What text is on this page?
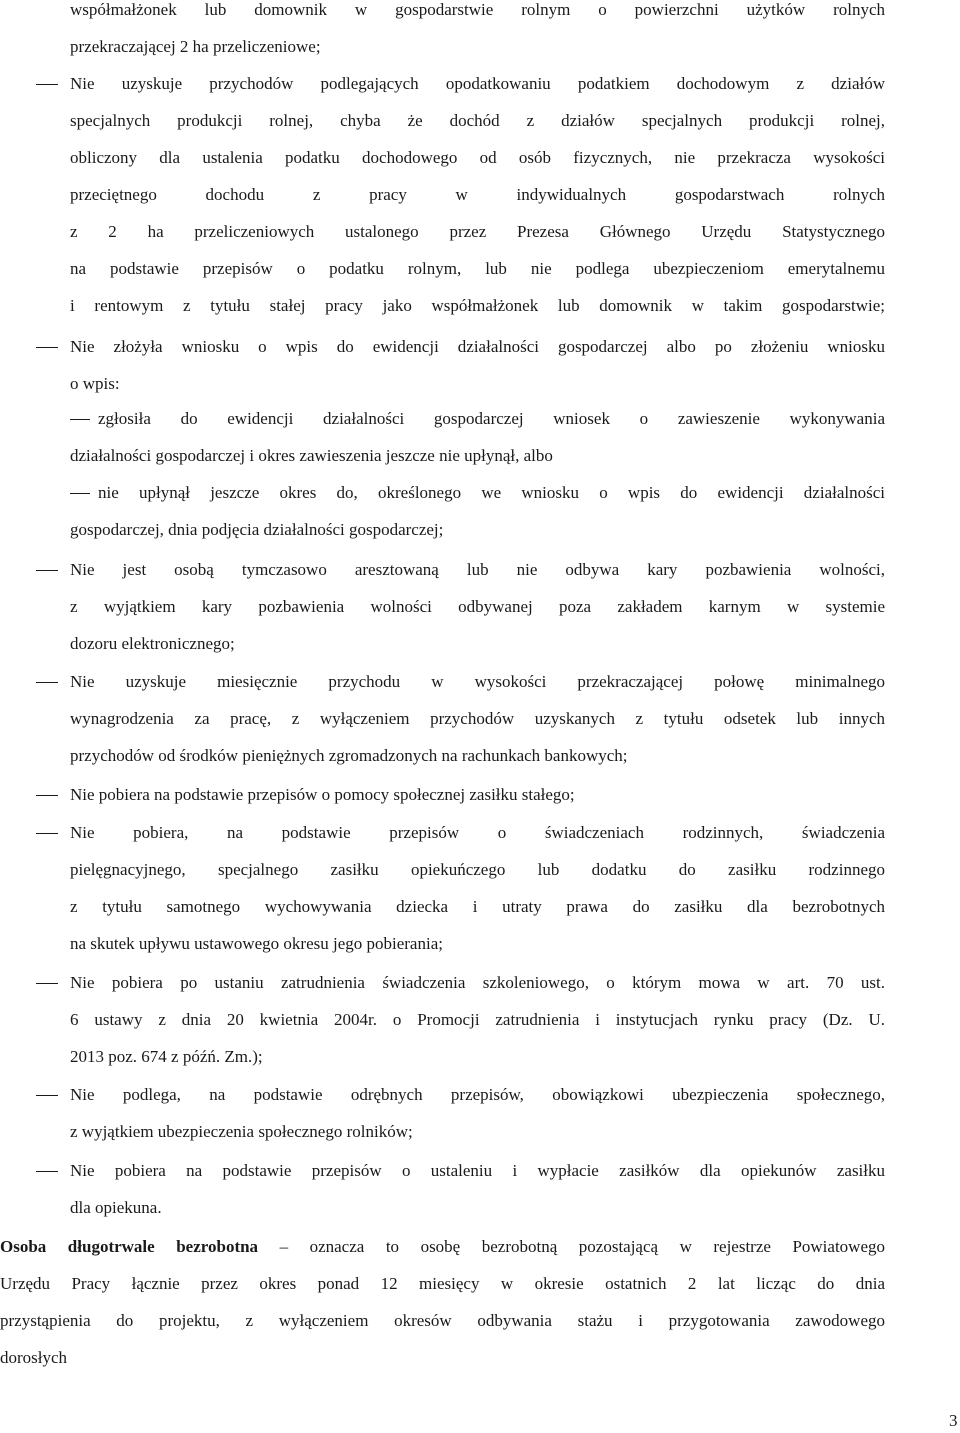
współmałżonek lub domownik w gospodarstwie rolnym o powierzchni użytków rolnych
przekraczającej 2 ha przeliczeniowe;
Nie uzyskuje przychodów podlegających opodatkowaniu podatkiem dochodowym z działów
specjalnych produkcji rolnej, chyba że dochód z działów specjalnych produkcji rolnej,
obliczony dla ustalenia podatku dochodowego od osób fizycznych, nie przekracza wysokości
przeciętnego dochodu z pracy w indywidualnych gospodarstwach rolnych
z 2 ha przeliczeniowych ustalonego przez Prezesa Głównego Urzędu Statystycznego
na podstawie przepisów o podatku rolnym, lub nie podlega ubezpieczeniom emerytalnemu
i rentowym z tytułu stałej pracy jako współmałżonek lub domownik w takim gospodarstwie;
Nie złożyła wniosku o wpis do ewidencji działalności gospodarczej albo po złożeniu wniosku
o wpis:
zgłosiła do ewidencji działalności gospodarczej wniosek o zawieszenie wykonywania
działalności gospodarczej i okres zawieszenia jeszcze nie upłynął, albo
nie upłynął jeszcze okres do, określonego we wniosku o wpis do ewidencji działalności
gospodarczej, dnia podjęcia działalności gospodarczej;
Nie jest osobą tymczasowo aresztowaną lub nie odbywa kary pozbawienia wolności,
z wyjątkiem kary pozbawienia wolności odbywanej poza zakładem karnym w systemie
dozoru elektronicznego;
Nie uzyskuje miesięcznie przychodu w wysokości przekraczającej połowę minimalnego
wynagrodzenia za pracę, z wyłączeniem przychodów uzyskanych z tytułu odsetek lub innych
przychodów od środków pieniężnych zgromadzonych na rachunkach bankowych;
Nie pobiera na podstawie przepisów o pomocy społecznej zasiłku stałego;
Nie pobiera, na podstawie przepisów o świadczeniach rodzinnych, świadczenia
pielęgnacyjnego, specjalnego zasiłku opiekuńczego lub dodatku do zasiłku rodzinnego
z tytułu samotnego wychowywania dziecka i utraty prawa do zasiłku dla bezrobotnych
na skutek upływu ustawowego okresu jego pobierania;
Nie pobiera po ustaniu zatrudnienia świadczenia szkoleniowego, o którym mowa w art. 70 ust.
6 ustawy z dnia 20 kwietnia 2004r. o Promocji zatrudnienia i instytucjach rynku pracy (Dz. U.
2013 poz. 674 z późń. Zm.);
Nie podlega, na podstawie odrębnych przepisów, obowiązkowi ubezpieczenia społecznego,
z wyjątkiem ubezpieczenia społecznego rolników;
Nie pobiera na podstawie przepisów o ustaleniu i wypłacie zasiłków dla opiekunów zasiłku
dla opiekuna.
Osoba długotrwale bezrobotna – oznacza to osobę bezrobotną pozostającą w rejestrze Powiatowego
Urzędu Pracy łącznie przez okres ponad 12 miesięcy w okresie ostatnich 2 lat licząc do dnia
przystąpienia do projektu, z wyłączeniem okresów odbywania stażu i przygotowania zawodowego
dorosłych
3
